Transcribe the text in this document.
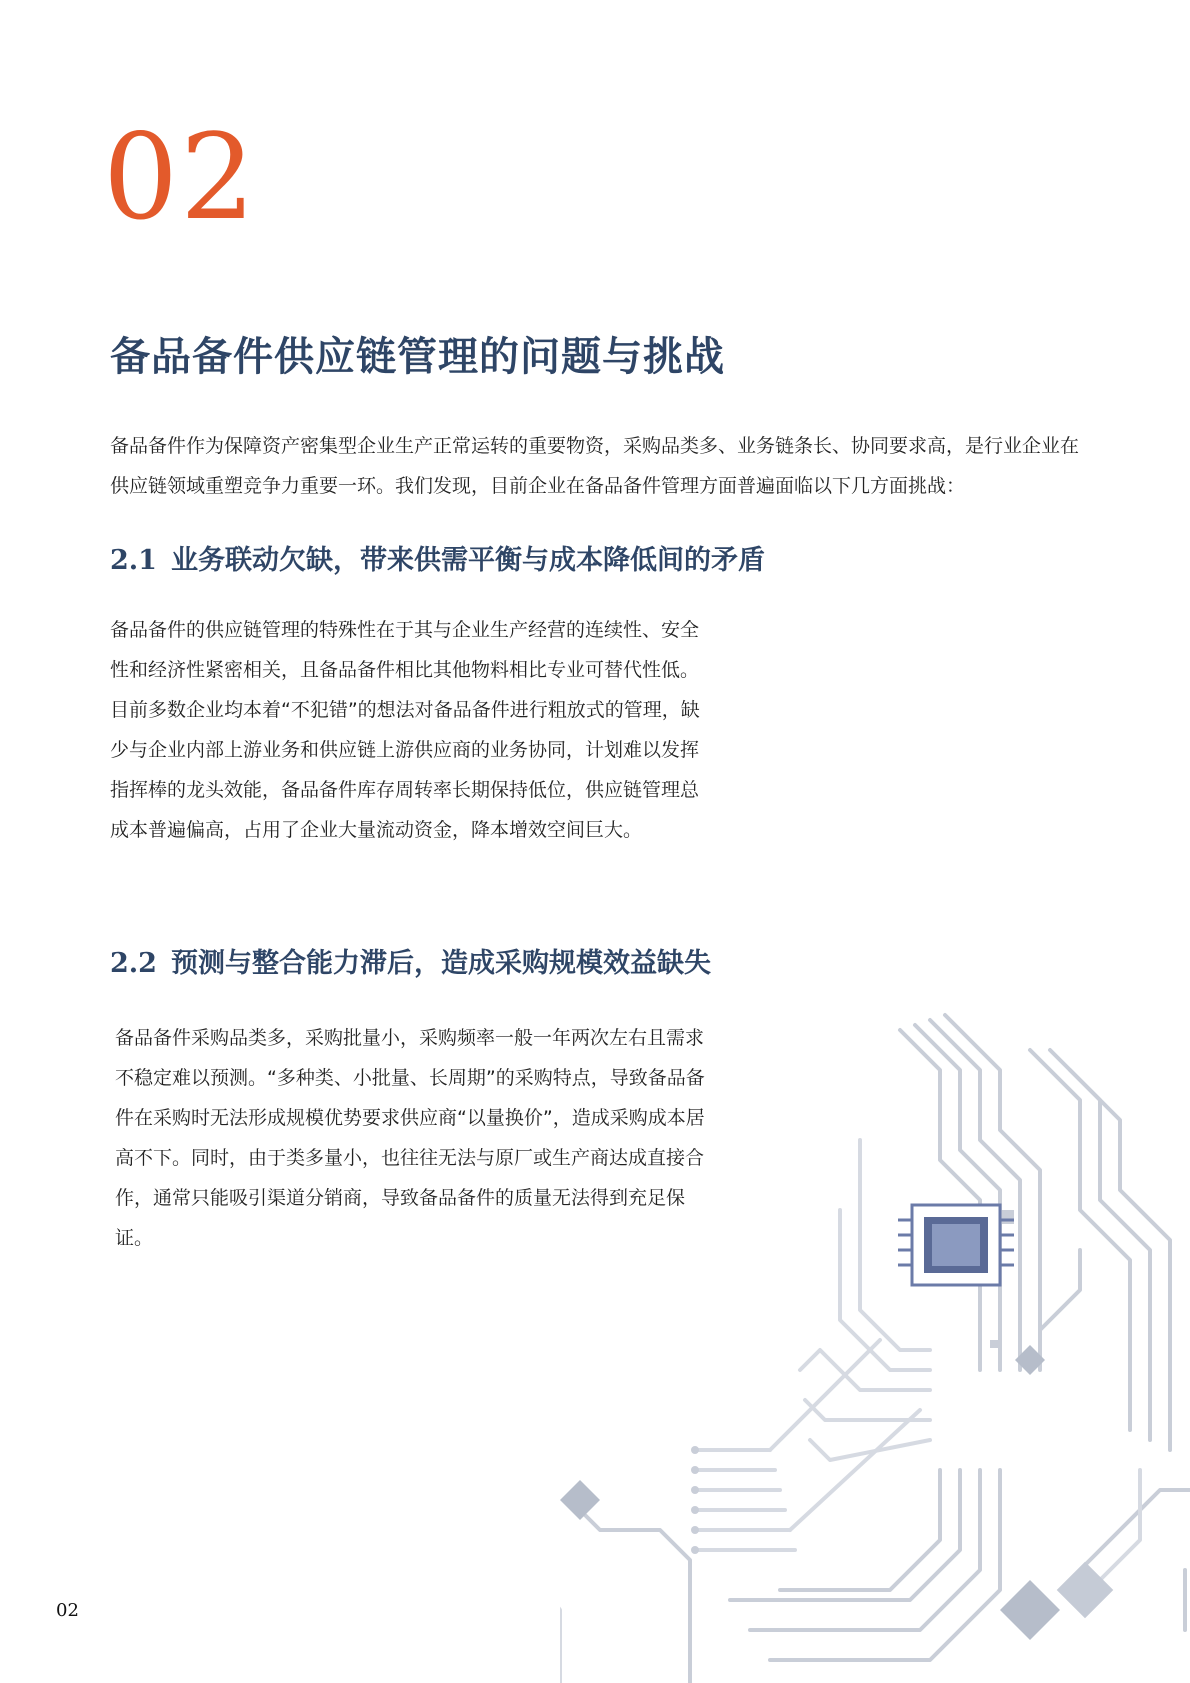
02
备品备件供应链管理的问题与挑战
备品备件作为保障资产密集型企业生产正常运转的重要物资，采购品类多、业务链条长、协同要求高，是行业企业在供应链领域重塑竞争力重要一环。我们发现，目前企业在备品备件管理方面普遍面临以下几方面挑战：
2.1 业务联动欠缺，带来供需平衡与成本降低间的矛盾

备品备件的供应链管理的特殊性在于其与企业生产经营的连续性、安全性和经济性紧密相关，且备品备件相比其他物料相比专业可替代性低。目前多数企业均本着“不犯错”的想法对备品备件进行粗放式的管理，缺少与企业内部上游业务和供应链上游供应商的业务协同，计划难以发挥指挥棒的龙头效能，备品备件库存周转率长期保持低位，供应链管理总成本普遍偏高，占用了企业大量流动资金，降本增效空间巨大。

2.2 预测与整合能力滞后，造成采购规模效益缺失

备品备件采购品类多，采购批量小，采购频率一般一年两次左右且需求不稳定难以预测。“多种类、小批量、长周期”的采购特点，导致备品备件在采购时无法形成规模优势要求供应商“以量换价”，造成采购成本居高不下。同时，由于类多量小，也往往无法与原厂或生产商达成直接合作，通常只能吸引渠道分销商，导致备品备件的质量无法得到充足保证。

02
